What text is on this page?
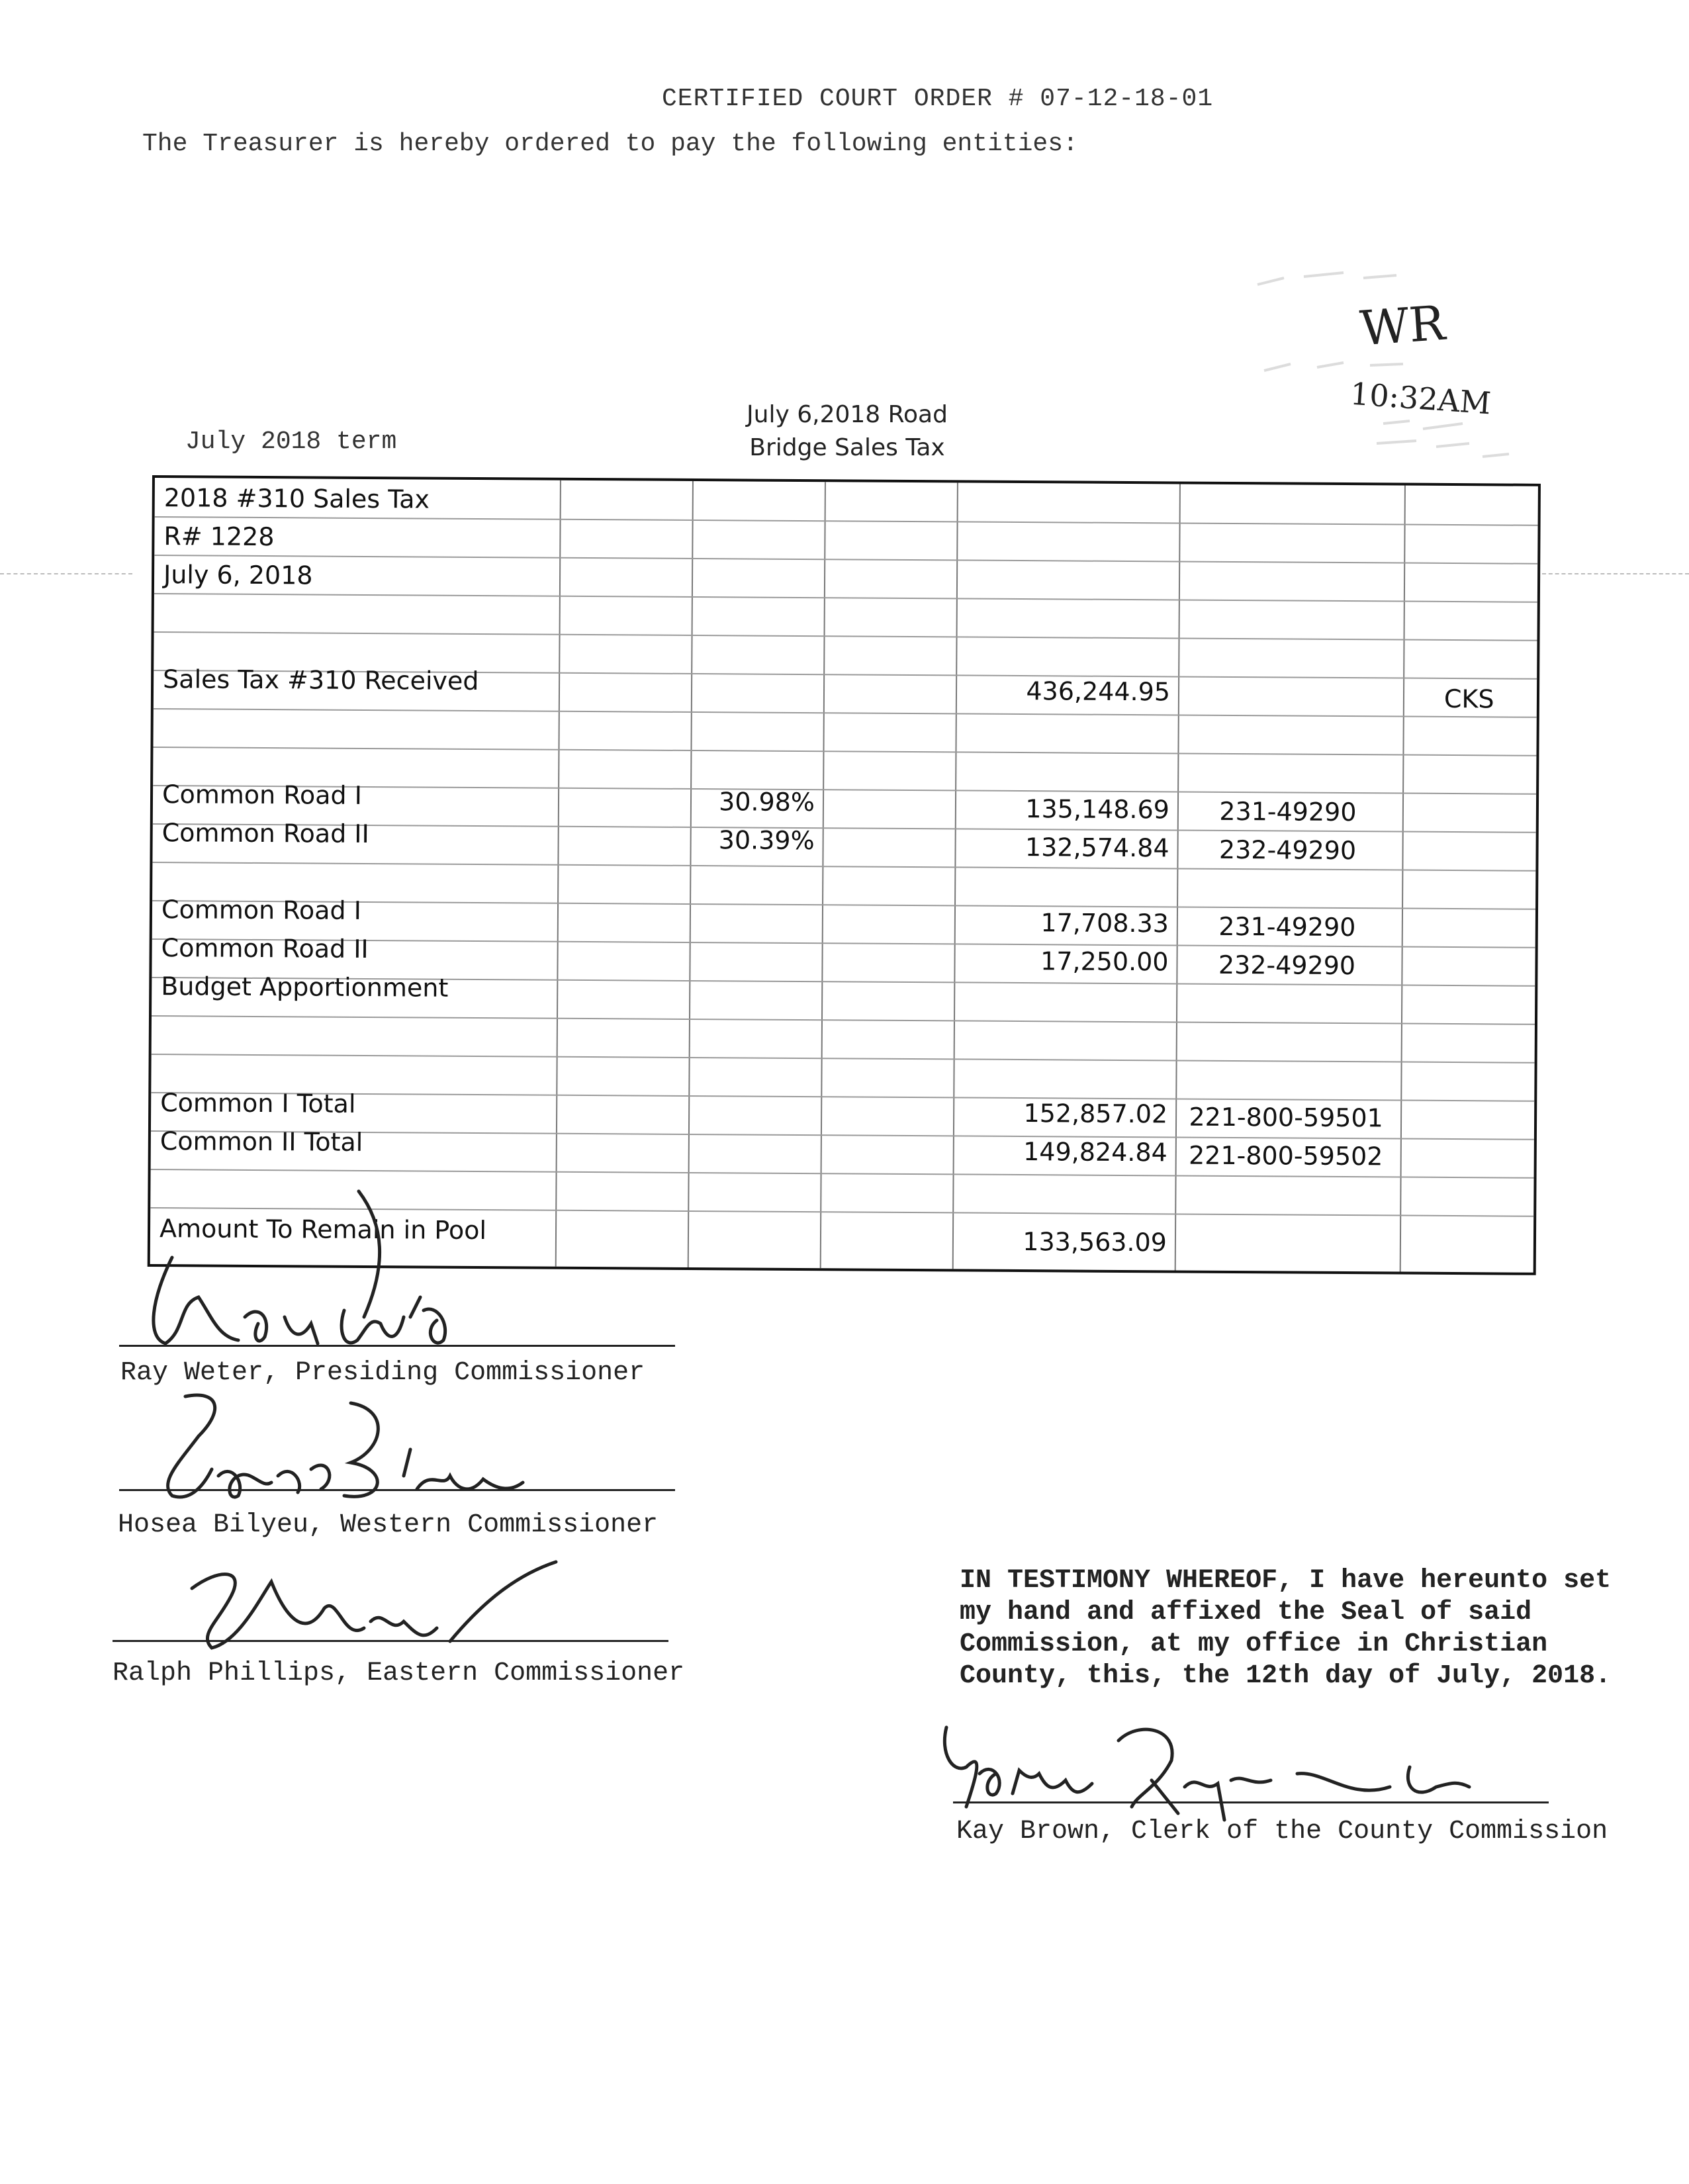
CERTIFIED COURT ORDER # 07-12-18-01
The Treasurer is hereby ordered to pay the following entities:
WR
10:32AM
July 2018 term
July 6,2018 Road
Bridge Sales Tax
2018 #310 Sales Tax
R# 1228
July 6, 2018
Sales Tax #310 Received	436,244.95	CKS
Common Road I	30.98%	135,148.69	231-49290
Common Road II	30.39%	132,574.84	232-49290
Common Road I	17,708.33	231-49290
Common Road II	17,250.00	232-49290
Budget Apportionment
Common I Total	152,857.02 221-800-59501
Common II Total	149,824.84 221-800-59502
Amount To Remain in Pool	133,563.09
Ray Weter, Presiding Commissioner
Hosea Bilyeu, Western Commissioner
Ralph Phillips, Eastern Commissioner
IN TESTIMONY WHEREOF, I have hereunto set my hand and affixed the Seal of said Commission, at my office in Christian County, this, the 12th day of July, 2018.
Kay Brown, Clerk of the County Commission
